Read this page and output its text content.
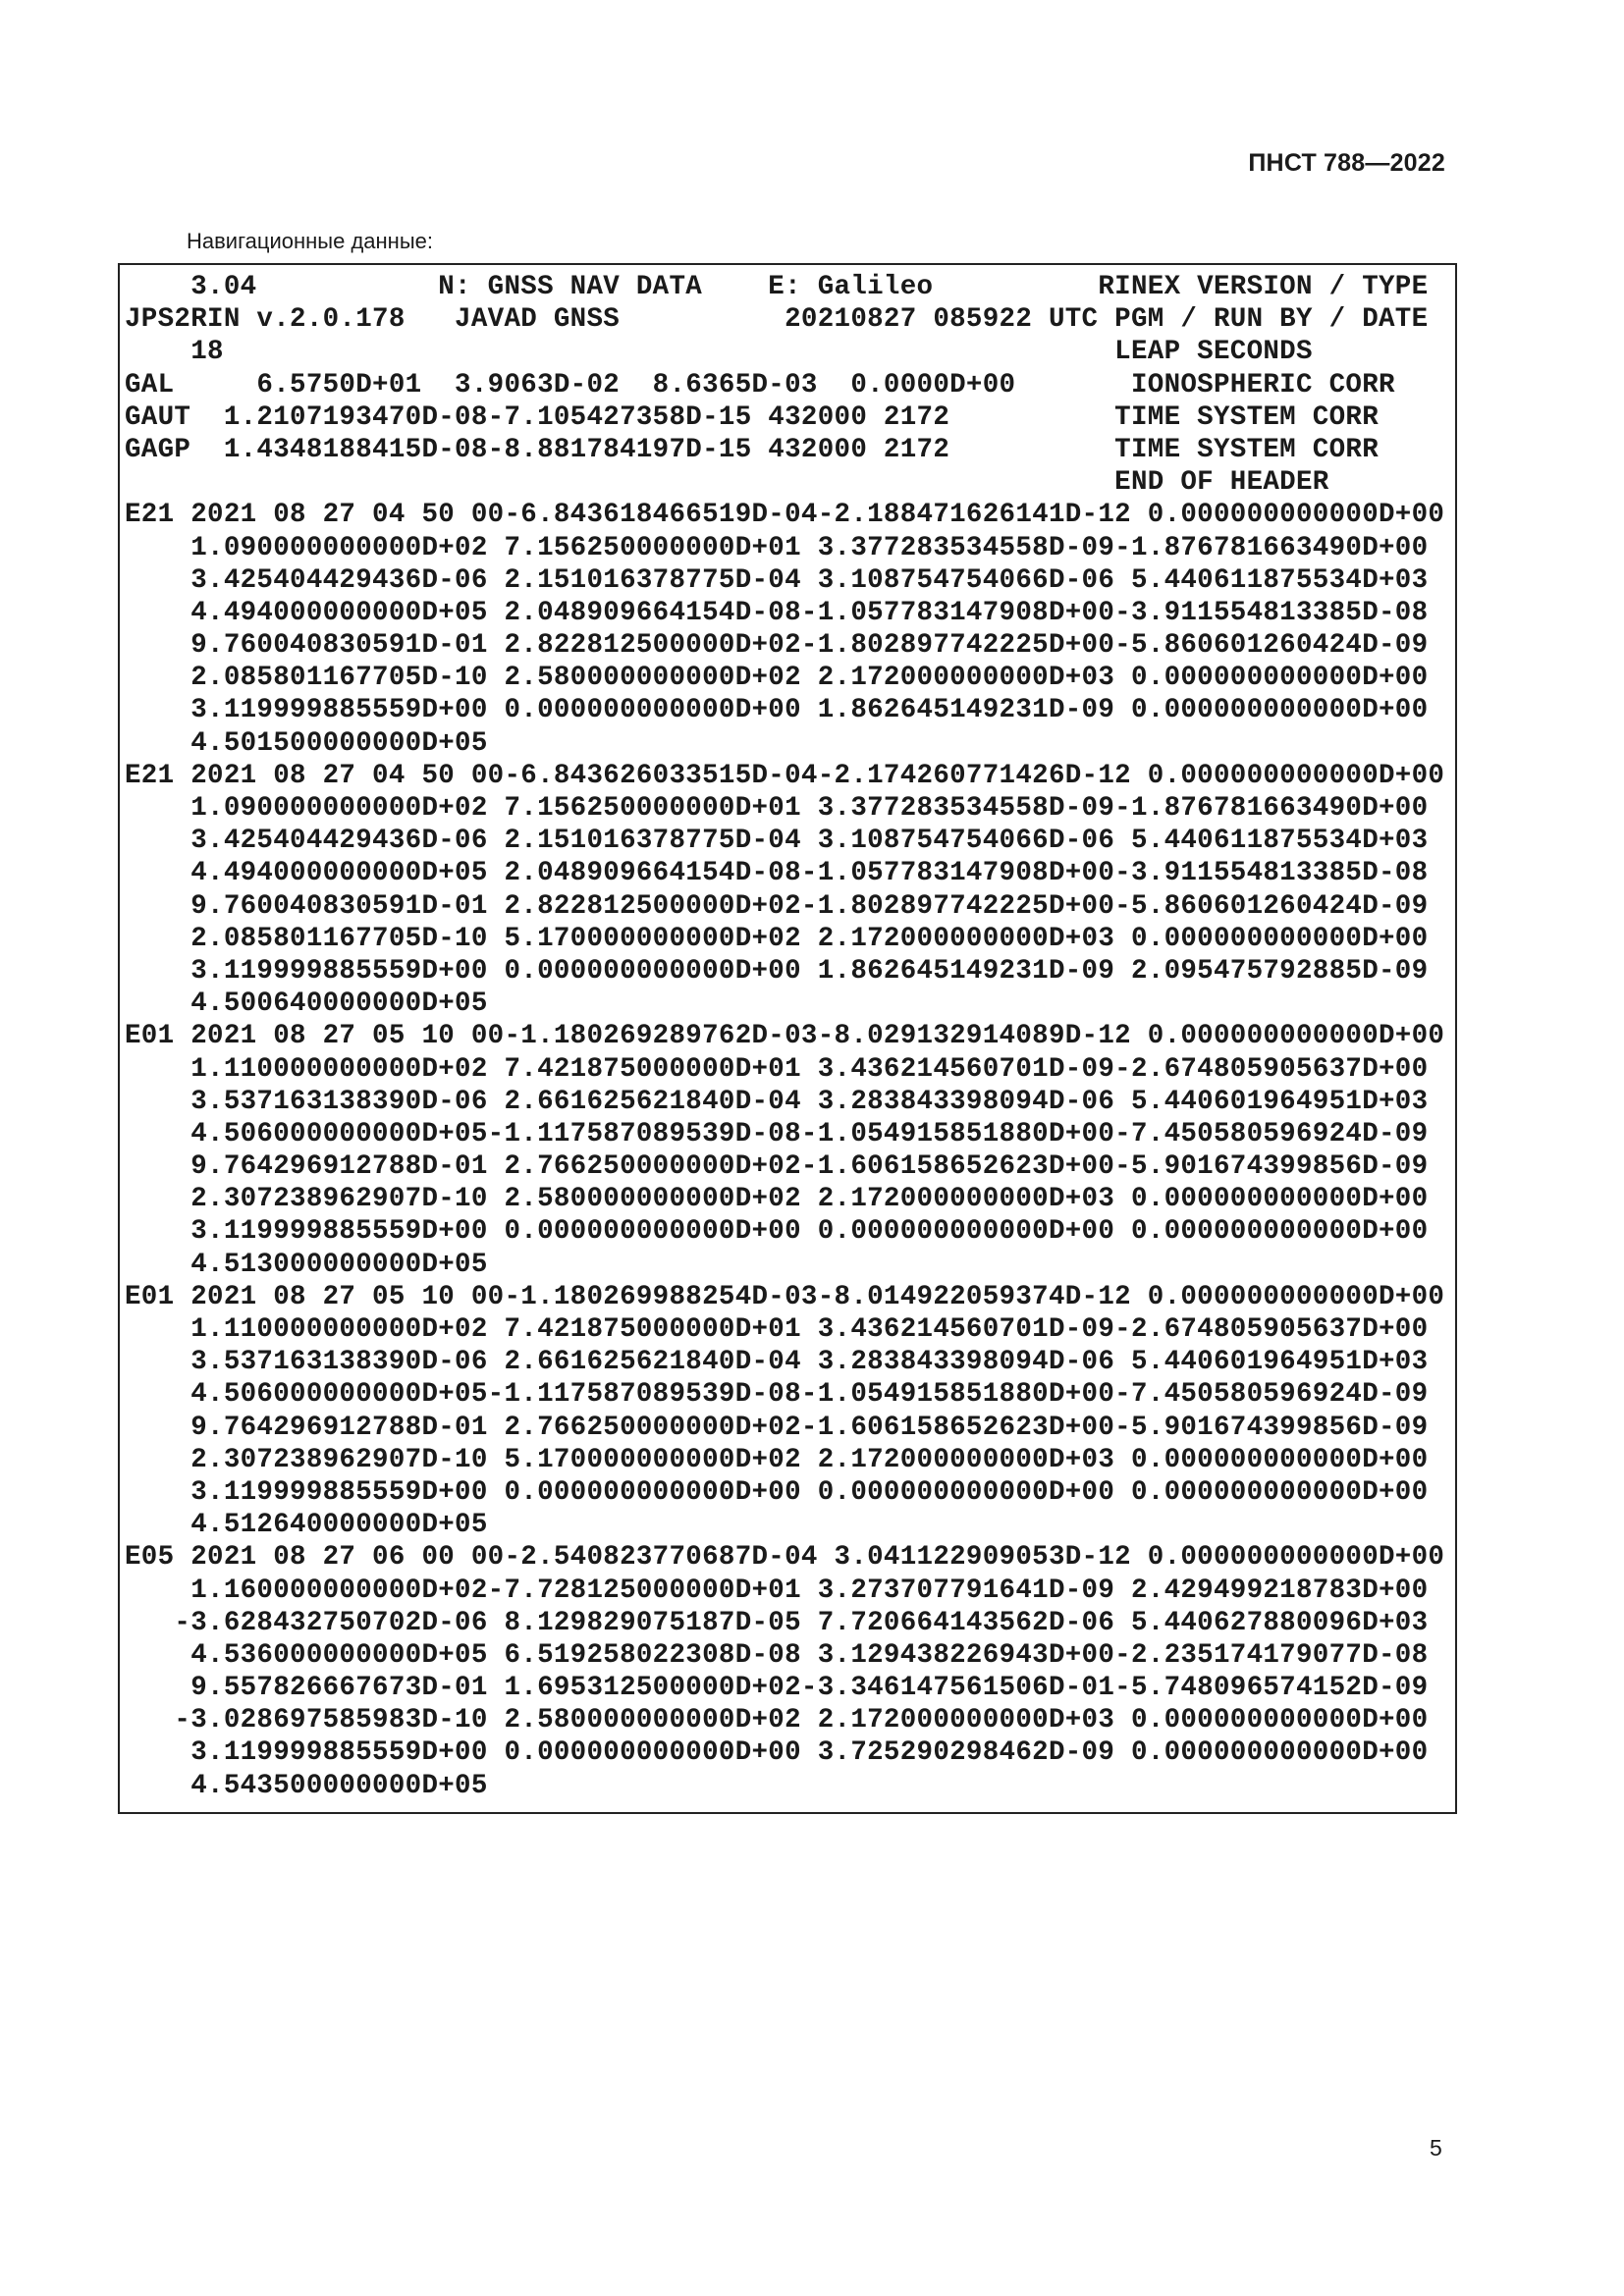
ПНСТ 788—2022
Навигационные данные:
3.04           N: GNSS NAV DATA    E: Galileo          RINEX VERSION / TYPE
JPS2RIN v.2.0.178   JAVAD GNSS          20210827 085922 UTC PGM / RUN BY / DATE
18                                                      LEAP SECONDS
GAL     6.5750D+01  3.9063D-02  8.6365D-03  0.0000D+00       IONOSPHERIC CORR
GAUT  1.2107193470D-08-7.105427358D-15 432000 2172          TIME SYSTEM CORR
GAGP  1.4348188415D-08-8.881784197D-15 432000 2172          TIME SYSTEM CORR
END OF HEADER
E21 2021 08 27 04 50 00-6.843618466519D-04-2.188471626141D-12 0.000000000000D+00
1.090000000000D+02 7.156250000000D+01 3.377283534558D-09-1.876781663490D+00
3.425404429436D-06 2.151016378775D-04 3.108754754066D-06 5.440611875534D+03
4.494000000000D+05 2.048909664154D-08-1.057783147908D+00-3.911554813385D-08
9.760040830591D-01 2.822812500000D+02-1.802897742225D+00-5.860601260424D-09
2.085801167705D-10 2.580000000000D+02 2.172000000000D+03 0.000000000000D+00
3.119999885559D+00 0.000000000000D+00 1.862645149231D-09 0.000000000000D+00
4.501500000000D+05
E21 2021 08 27 04 50 00-6.843626033515D-04-2.174260771426D-12 0.000000000000D+00
1.090000000000D+02 7.156250000000D+01 3.377283534558D-09-1.876781663490D+00
3.425404429436D-06 2.151016378775D-04 3.108754754066D-06 5.440611875534D+03
4.494000000000D+05 2.048909664154D-08-1.057783147908D+00-3.911554813385D-08
9.760040830591D-01 2.822812500000D+02-1.802897742225D+00-5.860601260424D-09
2.085801167705D-10 5.170000000000D+02 2.172000000000D+03 0.000000000000D+00
3.119999885559D+00 0.000000000000D+00 1.862645149231D-09 2.095475792885D-09
4.500640000000D+05
E01 2021 08 27 05 10 00-1.180269289762D-03-8.029132914089D-12 0.000000000000D+00
1.110000000000D+02 7.421875000000D+01 3.436214560701D-09-2.674805905637D+00
3.537163138390D-06 2.661625621840D-04 3.283843398094D-06 5.440601964951D+03
4.506000000000D+05-1.117587089539D-08-1.054915851880D+00-7.450580596924D-09
9.764296912788D-01 2.766250000000D+02-1.606158652623D+00-5.901674399856D-09
2.307238962907D-10 2.580000000000D+02 2.172000000000D+03 0.000000000000D+00
3.119999885559D+00 0.000000000000D+00 0.000000000000D+00 0.000000000000D+00
4.513000000000D+05
E01 2021 08 27 05 10 00-1.180269988254D-03-8.014922059374D-12 0.000000000000D+00
1.110000000000D+02 7.421875000000D+01 3.436214560701D-09-2.674805905637D+00
3.537163138390D-06 2.661625621840D-04 3.283843398094D-06 5.440601964951D+03
4.506000000000D+05-1.117587089539D-08-1.054915851880D+00-7.450580596924D-09
9.764296912788D-01 2.766250000000D+02-1.606158652623D+00-5.901674399856D-09
2.307238962907D-10 5.170000000000D+02 2.172000000000D+03 0.000000000000D+00
3.119999885559D+00 0.000000000000D+00 0.000000000000D+00 0.000000000000D+00
4.512640000000D+05
E05 2021 08 27 06 00 00-2.540823770687D-04 3.041122909053D-12 0.000000000000D+00
1.160000000000D+02-7.728125000000D+01 3.273707791641D-09 2.429499218783D+00
-3.628432750702D-06 8.129829075187D-05 7.720664143562D-06 5.440627880096D+03
4.536000000000D+05 6.519258022308D-08 3.129438226943D+00-2.235174179077D-08
9.557826667673D-01 1.695312500000D+02-3.346147561506D-01-5.748096574152D-09
-3.028697585983D-10 2.580000000000D+02 2.172000000000D+03 0.000000000000D+00
3.119999885559D+00 0.000000000000D+00 3.725290298462D-09 0.000000000000D+00
4.543500000000D+05
5
